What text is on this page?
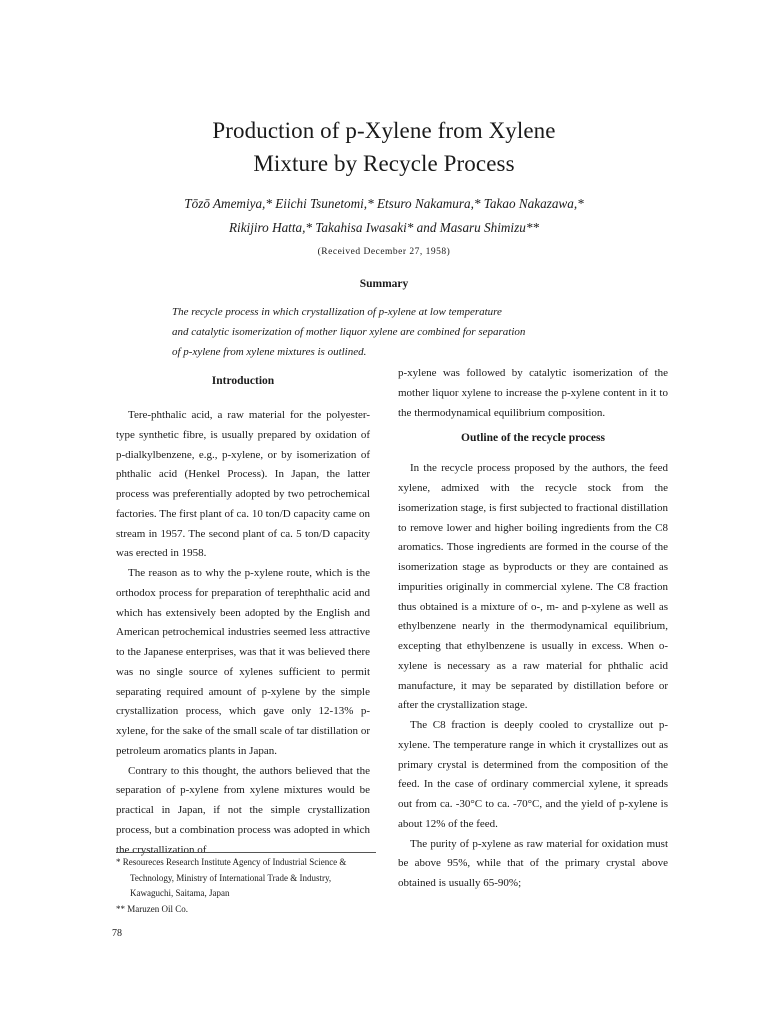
Production of p-Xylene from Xylene
Mixture by Recycle Process
Tōzō Amemiya,* Eiichi Tsunetomi,* Etsuro Nakamura,* Takao Nakazawa,*
Rikijiro Hatta,* Takahisa Iwasaki* and Masaru Shimizu**
(Received December 27, 1958)
Summary

The recycle process in which crystallization of p-xylene at low temperature

and catalytic isomerization of mother liquor xylene are combined for separation

of p-xylene from xylene mixtures is outlined.

Introduction

Tere-phthalic acid, a raw material for the polyester-type synthetic fibre, is usually prepared by oxidation of p-dialkylbenzene, e.g., p-xylene, or by isomerization of phthalic acid (Henkel Process). In Japan, the latter process was preferentially adopted by two petrochemical factories. The first plant of ca. 10 ton/D capacity came on stream in 1957. The second plant of ca. 5 ton/D capacity was erected in 1958.

The reason as to why the p-xylene route, which is the orthodox process for preparation of terephthalic acid and which has extensively been adopted by the English and American petrochemical industries seemed less attractive to the Japanese enterprises, was that it was believed there was no single source of xylenes sufficient to permit separating required amount of p-xylene by the simple crystallization process, which gave only 12-13% p-xylene, for the sake of the small scale of tar distillation or petroleum aromatics plants in Japan.

Contrary to this thought, the authors believed that the separation of p-xylene from xylene mixtures would be practical in Japan, if not the simple crystallization process, but a combination process was adopted in which the crystallization of

p-xylene was followed by catalytic isomerization of the mother liquor xylene to increase the p-xylene content in it to the thermodynamical equilibrium composition.

Outline of the recycle process

In the recycle process proposed by the authors, the feed xylene, admixed with the recycle stock from the isomerization stage, is first subjected to fractional distillation to remove lower and higher boiling ingredients from the C8 aromatics. Those ingredients are formed in the course of the isomerization stage as byproducts or they are contained as impurities originally in commercial xylene. The C8 fraction thus obtained is a mixture of o-, m- and p-xylene as well as ethylbenzene nearly in the thermodynamical equilibrium, excepting that ethylbenzene is usually in excess. When o-xylene is necessary as a raw material for phthalic acid manufacture, it may be separated by distillation before or after the crystallization stage.

The C8 fraction is deeply cooled to crystallize out p-xylene. The temperature range in which it crystallizes out as primary crystal is determined from the composition of the feed. In the case of ordinary commercial xylene, it spreads out from ca. -30°C to ca. -70°C, and the yield of p-xylene is about 12% of the feed.

The purity of p-xylene as raw material for oxidation must be above 95%, while that of the primary crystal above obtained is usually 65-90%;

* Resoureces Research Institute Agency of Industrial Science & Technology, Ministry of International Trade & Industry, Kawaguchi, Saitama, Japan

** Maruzen Oil Co.

78
